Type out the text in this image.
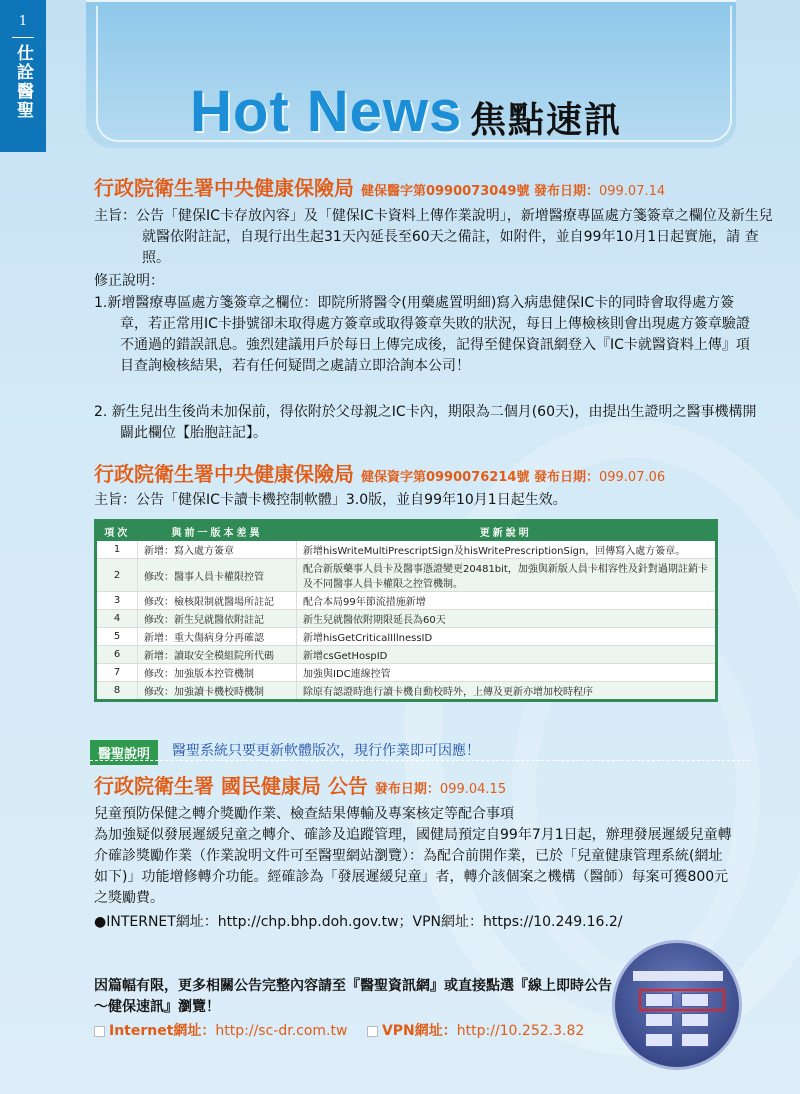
1
仕詮醫聖	Hot News 焦點速訊
行政院衛生署中央健康保險局 健保醫字第0990073049號 發布日期：099.07.14
主旨：公告「健保IC卡存放內容」及「健保IC卡資料上傳作業說明」，新增醫療專區處方箋簽章之欄位及新生兒就醫依附註記，自現行出生起31天內延長至60天之備註，如附件，並自99年10月1日起實施，請 查照。
修正說明：
1.新增醫療專區處方箋簽章之欄位：即院所將醫令(用藥處置明細)寫入病患健保IC卡的同時會取得處方簽章，若正常用IC卡掛號卻未取得處方簽章或取得簽章失敗的狀況，每日上傳檢核則會出現處方簽章驗證不通過的錯誤訊息。強烈建議用戶於每日上傳完成後，記得至健保資訊網登入『IC卡就醫資料上傳』項目查詢檢核結果，若有任何疑問之處請立即洽詢本公司！
2. 新生兒出生後尚未加保前，得依附於父母親之IC卡內，期限為二個月(60天)，由提出生證明之醫事機構開闢此欄位【胎胞註記】。
行政院衛生署中央健康保險局 健保資字第0990076214號 發布日期：099.07.06
主旨：公告「健保IC卡讀卡機控制軟體」3.0版，並自99年10月1日起生效。
項次	與前一版本差異	更新說明
1	新增：寫入處方簽章	新增hisWriteMultiPrescriptSign及hisWritePrescriptionSign，回傳寫入處方簽章。
2	修改：醫事人員卡權限控管	配合新版藥事人員卡及醫事憑證變更20481bit，加強與新版人員卡相容性及針對過期註銷卡及不同醫事人員卡權限之控管機制。
3	修改：檢核限制就醫場所註記	配合本局99年節流措施新增
4	修改：新生兒就醫依附註記	新生兒就醫依附期限延長為60天
5	新增：重大傷病身分再確認	新增hisGetCriticalIllnessID
6	新增：讀取安全模組院所代碼	新增csGetHospID
7	修改：加強版本控管機制	加強與IDC連線控管
8	修改：加強讀卡機校時機制	除原有認證時進行讀卡機自動校時外，上傳及更新亦增加校時程序
醫聖說明	醫聖系統只要更新軟體版次，現行作業即可因應！
行政院衛生署 國民健康局 公告 發布日期：099.04.15
兒童預防保健之轉介獎勵作業、檢查結果傳輸及專案核定等配合事項
為加強疑似發展遲緩兒童之轉介、確診及追蹤管理，國健局預定自99年7月1日起，辦理發展遲緩兒童轉介確診獎勵作業（作業說明文件可至醫聖網站瀏覽）：為配合前開作業，已於「兒童健康管理系統(網址如下)」功能增修轉介功能。經確診為「發展遲緩兒童」者，轉介該個案之機構（醫師）每案可獲800元之獎勵費。
●INTERNET網址：http://chp.bhp.doh.gov.tw；VPN網址：https://10.249.16.2/
因篇幅有限，更多相關公告完整內容請至『醫聖資訊網』或直接點選『線上即時公告～健保速訊』瀏覽！
Internet網址：http://sc-dr.com.tw VPN網址：http://10.252.3.82
